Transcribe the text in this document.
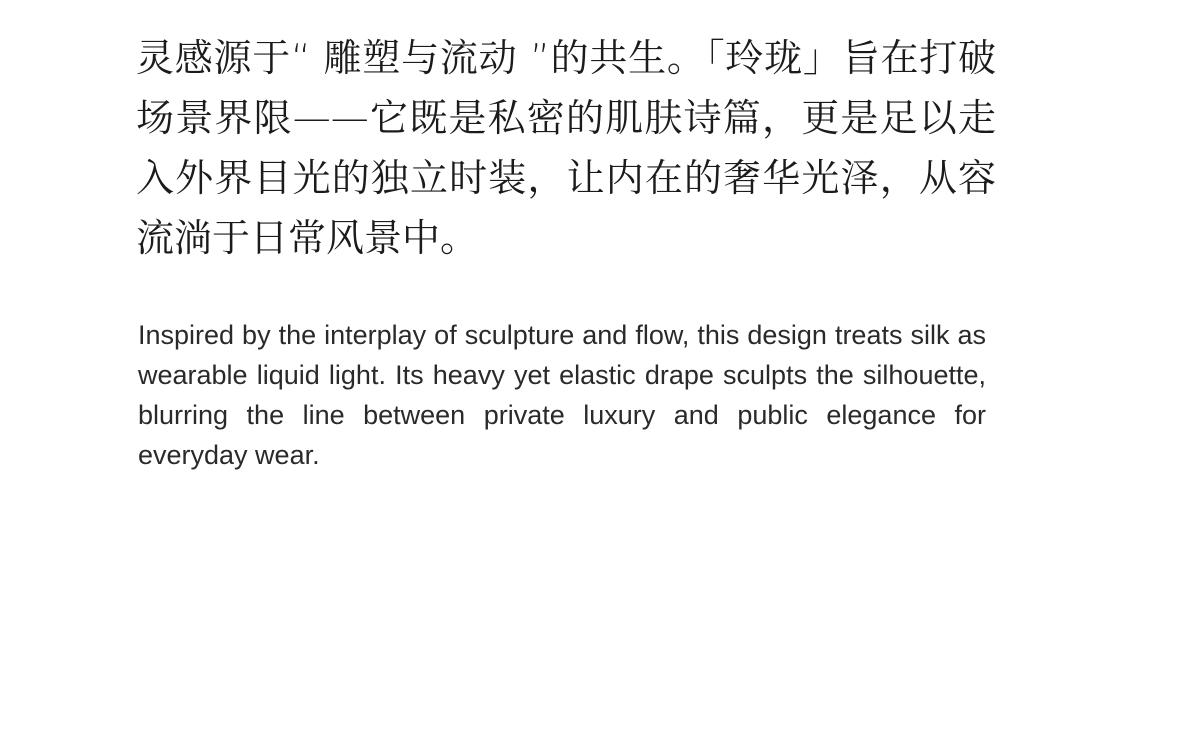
灵感源于“ 雕塑与流动 ”的共生。「玲珑」旨在打破场景界限——它既是私密的肌肤诗篇，更是足以走入外界目光的独立时装，让内在的奢华光泽，从容流淌于日常风景中。

Inspired by the interplay of sculpture and flow, this design treats silk as wearable liquid light. Its heavy yet elastic drape sculpts the silhouette, blurring the line between private luxury and public elegance for everyday wear.
